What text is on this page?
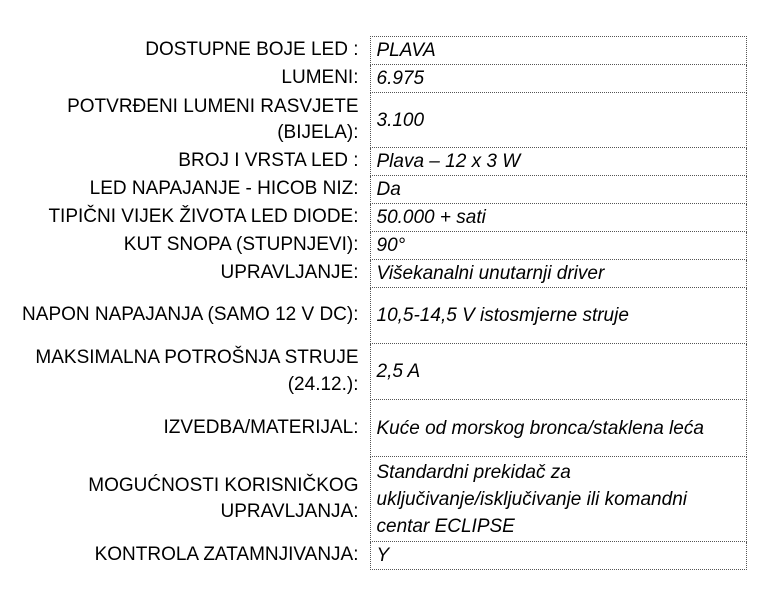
DOSTUPNE BOJE LED :	PLAVA
LUMENI:	6.975
POTVRĐENI LUMENI RASVJETE (BIJELA):	3.100
BROJ I VRSTA LED :	Plava – 12 x 3 W
LED NAPAJANJE - HICOB NIZ:	Da
TIPIČNI VIJEK ŽIVOTA LED DIODE:	50.000 + sati
KUT SNOPA (STUPNJEVI):	90°
UPRAVLJANJE:	Višekanalni unutarnji driver
NAPON NAPAJANJA (SAMO 12 V DC):	10,5-14,5 V istosmjerne struje
MAKSIMALNA POTROŠNJA STRUJE (24.12.):	2,5 A
IZVEDBA/MATERIJAL:	Kuće od morskog bronca/staklena leća
MOGUĆNOSTI KORISNIČKOG UPRAVLJANJA:	Standardni prekidač za uključivanje/isključivanje ili komandni centar ECLIPSE
KONTROLA ZATAMNJIVANJA:	Y
